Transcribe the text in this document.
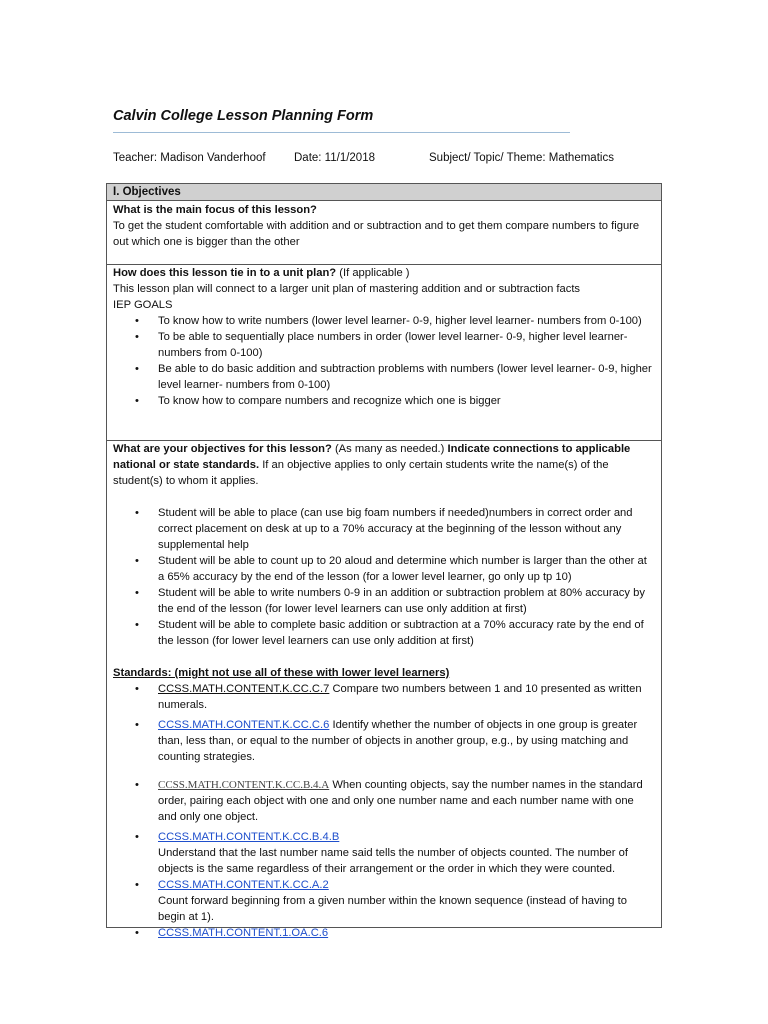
Calvin College Lesson Planning Form
Teacher: Madison Vanderhoof Date: 11/1/2018	Subject/ Topic/ Theme: Mathematics
I. Objectives
What is the main focus of this lesson?
To get the student comfortable with addition and or subtraction and to get them compare numbers to figure out which one is bigger than the other
How does this lesson tie in to a unit plan? (If applicable )
This lesson plan will connect to a larger unit plan of mastering addition and or subtraction facts
IEP GOALS
• To know how to write numbers (lower level learner- 0-9, higher level learner- numbers from 0-100)
• To be able to sequentially place numbers in order (lower level learner- 0-9, higher level learner- numbers from 0-100)
• Be able to do basic addition and subtraction problems with numbers (lower level learner- 0-9, higher level learner- numbers from 0-100)
• To know how to compare numbers and recognize which one is bigger
What are your objectives for this lesson? (As many as needed.) Indicate connections to applicable national or state standards. If an objective applies to only certain students write the name(s) of the student(s) to whom it applies.
• Student will be able to place (can use big foam numbers if needed)numbers in correct order and correct placement on desk at up to a 70% accuracy at the beginning of the lesson without any supplemental help
• Student will be able to count up to 20 aloud and determine which number is larger than the other at a 65% accuracy by the end of the lesson (for a lower level learner, go only up tp 10)
• Student will be able to write numbers 0-9 in an addition or subtraction problem at 80% accuracy by the end of the lesson (for lower level learners can use only addition at first)
• Student will be able to complete basic addition or subtraction at a 70% accuracy rate by the end of the lesson (for lower level learners can use only addition at first)
Standards: (might not use all of these with lower level learners)
• CCSS.MATH.CONTENT.K.CC.C.7 Compare two numbers between 1 and 10 presented as written numerals.
• CCSS.MATH.CONTENT.K.CC.C.6 Identify whether the number of objects in one group is greater than, less than, or equal to the number of objects in another group, e.g., by using matching and counting strategies.
• CCSS.MATH.CONTENT.K.CC.B.4.A When counting objects, say the number names in the standard order, pairing each object with one and only one number name and each number name with one and only one object.
• CCSS.MATH.CONTENT.K.CC.B.4.B
Understand that the last number name said tells the number of objects counted. The number of objects is the same regardless of their arrangement or the order in which they were counted.
• CCSS.MATH.CONTENT.K.CC.A.2
Count forward beginning from a given number within the known sequence (instead of having to begin at 1).
• CCSS.MATH.CONTENT.1.OA.C.6
